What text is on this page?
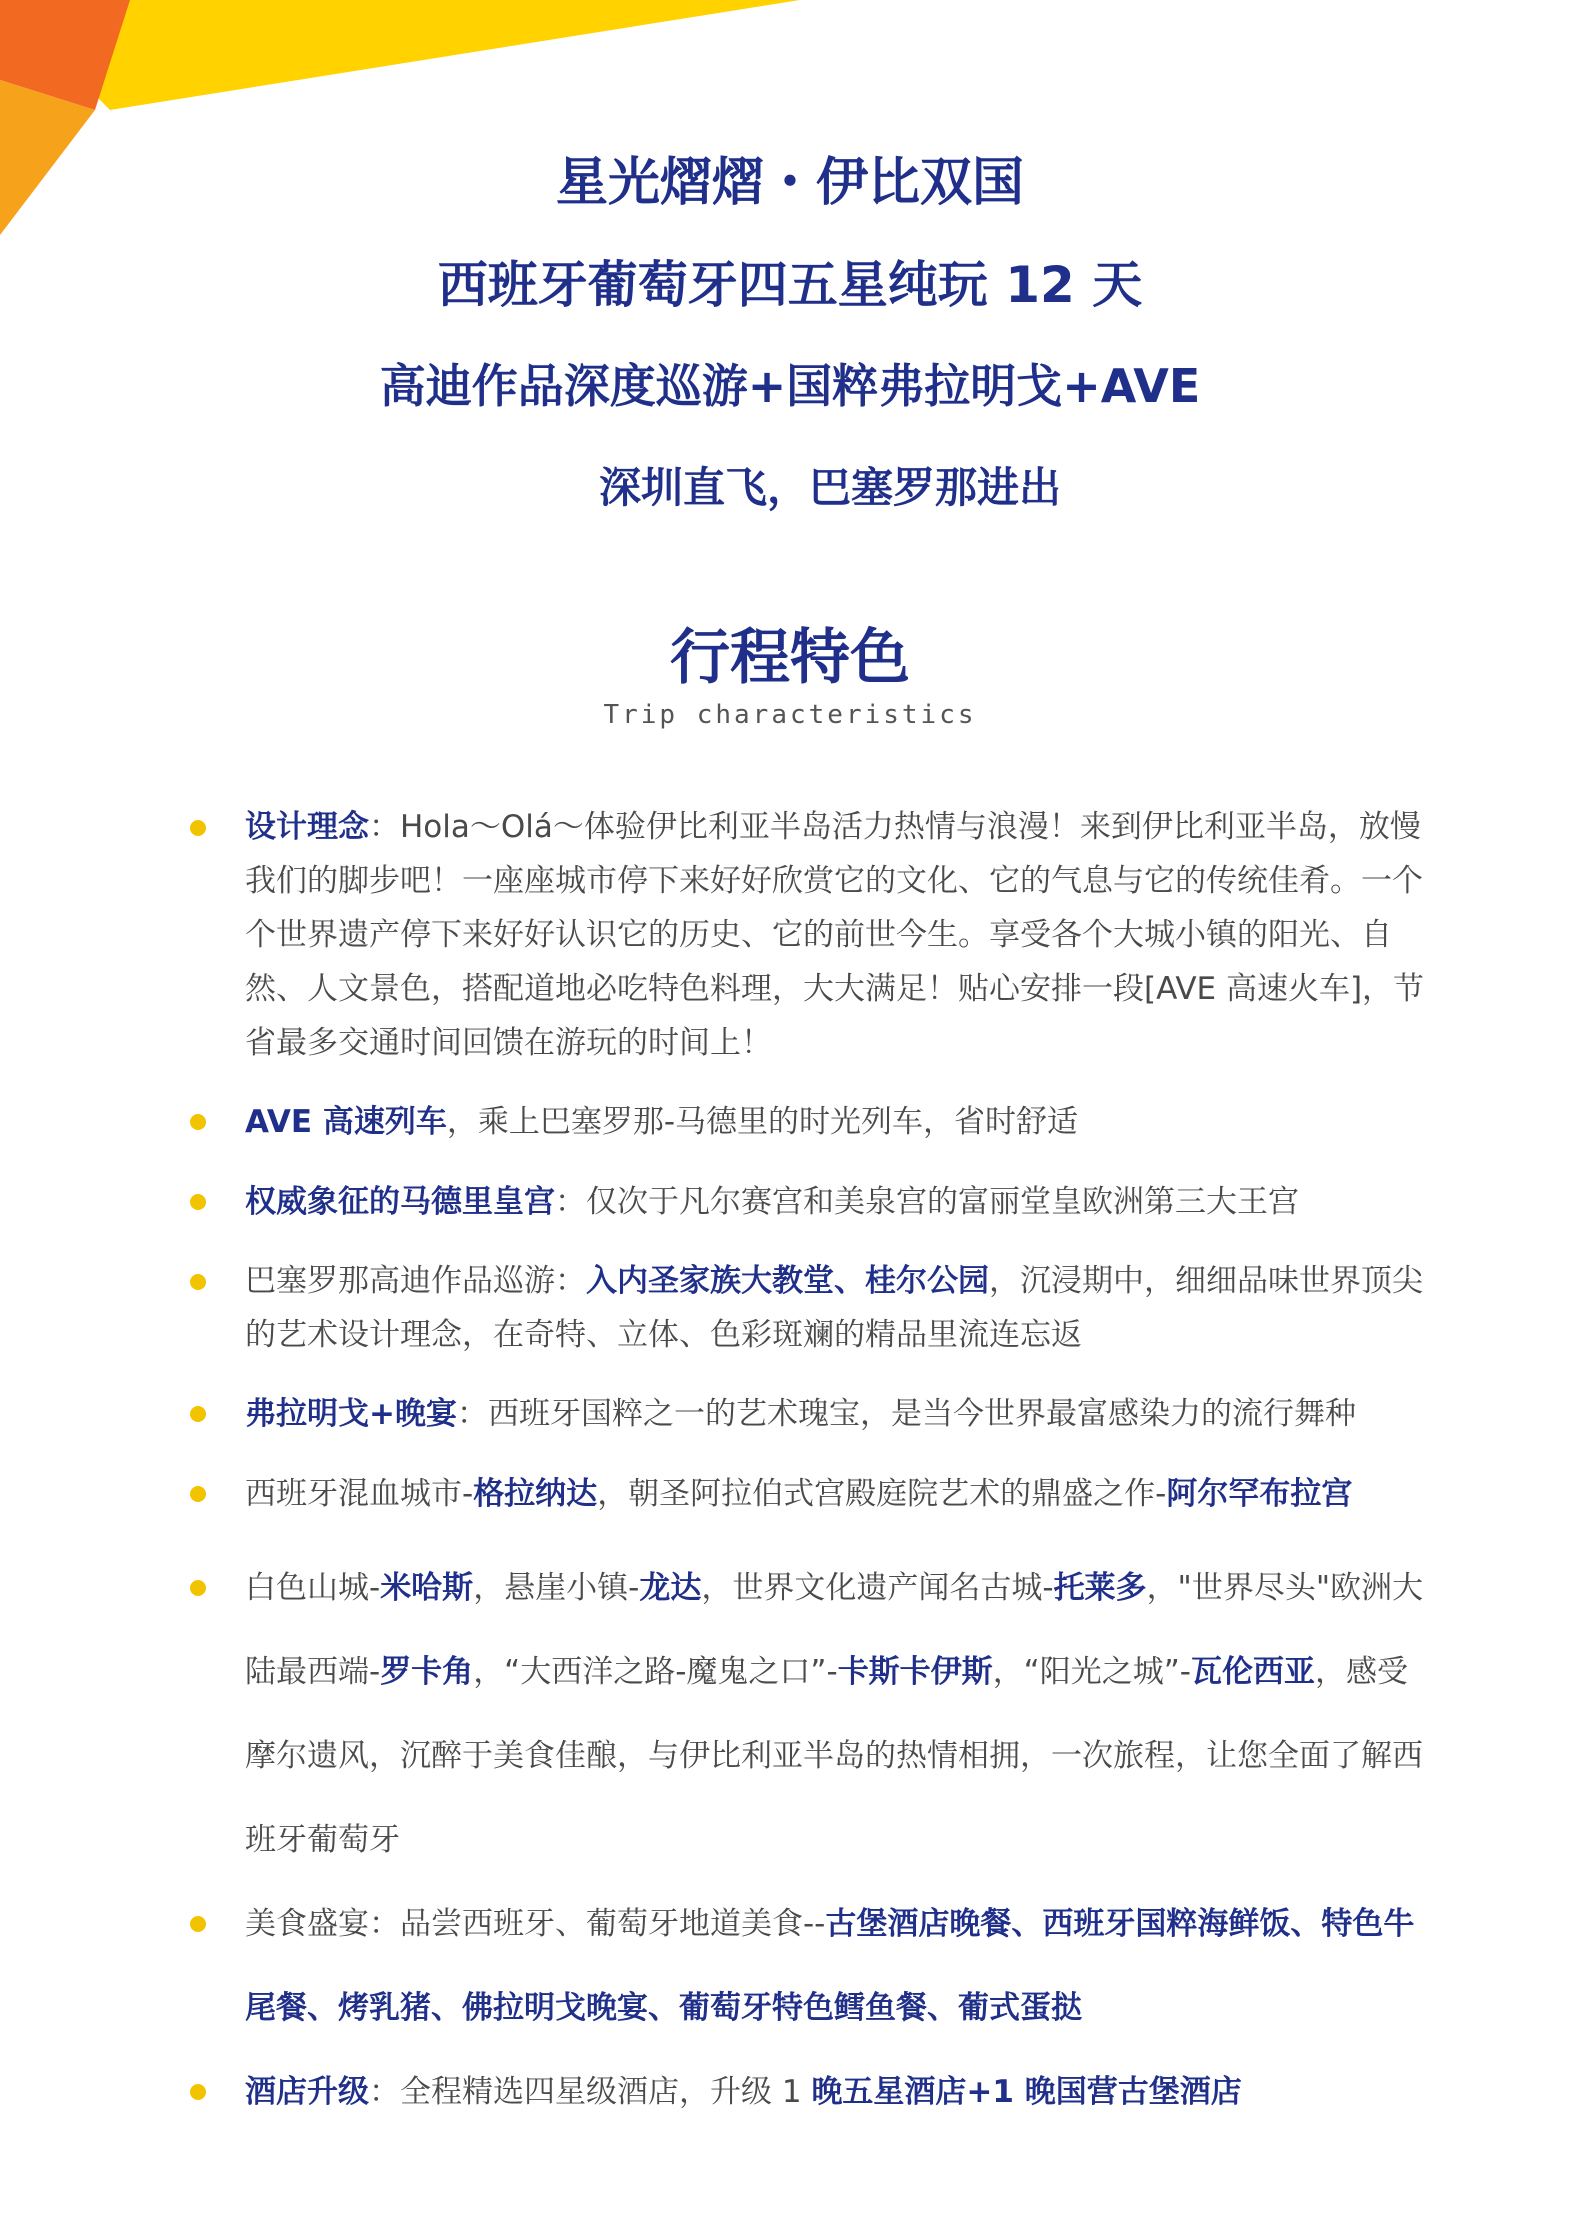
星光熠熠・伊比双国
西班牙葡萄牙四五星纯玩 12 天
高迪作品深度巡游+国粹弗拉明戈+AVE
深圳直飞，巴塞罗那进出
行程特色
Trip characteristics
设计理念：Hola～Olá～体验伊比利亚半岛活力热情与浪漫！来到伊比利亚半岛，放慢我们的脚步吧！一座座城市停下来好好欣赏它的文化、它的气息与它的传统佳肴。一个个世界遗产停下来好好认识它的历史、它的前世今生。享受各个大城小镇的阳光、自然、人文景色，搭配道地必吃特色料理，大大满足！贴心安排一段[AVE 高速火车]，节省最多交通时间回馈在游玩的时间上！
AVE 高速列车，乘上巴塞罗那-马德里的时光列车，省时舒适
权威象征的马德里皇宫：仅次于凡尔赛宫和美泉宫的富丽堂皇欧洲第三大王宫
巴塞罗那高迪作品巡游：入内圣家族大教堂、桂尔公园，沉浸期中，细细品味世界顶尖的艺术设计理念，在奇特、立体、色彩斑斓的精品里流连忘返
弗拉明戈+晚宴：西班牙国粹之一的艺术瑰宝，是当今世界最富感染力的流行舞种
西班牙混血城市-格拉纳达，朝圣阿拉伯式宫殿庭院艺术的鼎盛之作-阿尔罕布拉宫
白色山城-米哈斯，悬崖小镇-龙达，世界文化遗产闻名古城-托莱多，"世界尽头"欧洲大陆最西端-罗卡角，“大西洋之路-魔鬼之口”-卡斯卡伊斯，“阳光之城”-瓦伦西亚，感受摩尔遗风，沉醉于美食佳酿，与伊比利亚半岛的热情相拥，一次旅程，让您全面了解西班牙葡萄牙
美食盛宴：品尝西班牙、葡萄牙地道美食--古堡酒店晚餐、西班牙国粹海鲜饭、特色牛尾餐、烤乳猪、佛拉明戈晚宴、葡萄牙特色鳕鱼餐、葡式蛋挞
酒店升级：全程精选四星级酒店，升级 1 晚五星酒店+1 晚国营古堡酒店
